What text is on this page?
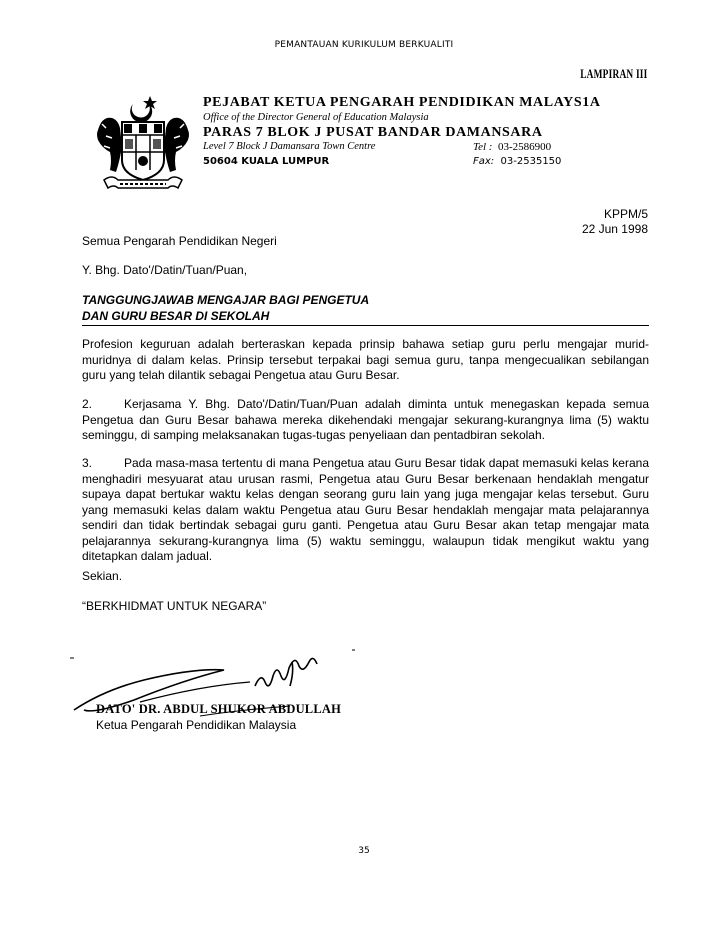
PEMANTAUAN KURIKULUM BERKUALITI
LAMPIRAN III
PEJABAT KETUA PENGARAH PENDIDIKAN MALAYS1A
Office of the Director General of Education Malaysia
PARAS 7 BLOK J PUSAT BANDAR DAMANSARA
Level 7 Block J Damansara Town Centre
50604 KUALA LUMPUR
Tel : 03-2586900
Fax: 03-2535150
KPPM/5
22 Jun 1998
Semua Pengarah Pendidikan Negeri
Y. Bhg. Dato'/Datin/Tuan/Puan,
TANGGUNGJAWAB MENGAJAR BAGI PENGETUA
DAN GURU BESAR DI SEKOLAH
Profesion keguruan adalah berteraskan kepada prinsip bahawa setiap guru perlu mengajar murid-muridnya di dalam kelas. Prinsip tersebut terpakai bagi semua guru, tanpa mengecualikan sebilangan guru yang telah dilantik sebagai Pengetua atau Guru Besar.
2.	Kerjasama Y. Bhg. Dato'/Datin/Tuan/Puan adalah diminta untuk menegaskan kepada semua Pengetua dan Guru Besar bahawa mereka dikehendaki mengajar sekurang-kurangnya lima (5) waktu seminggu, di samping melaksanakan tugas-tugas penyeliaan dan pentadbiran sekolah.
3.	Pada masa-masa tertentu di mana Pengetua atau Guru Besar tidak dapat memasuki kelas kerana menghadiri mesyuarat atau urusan rasmi, Pengetua atau Guru Besar berkenaan hendaklah mengatur supaya dapat bertukar waktu kelas dengan seorang guru lain yang juga mengajar kelas tersebut. Guru yang memasuki kelas dalam waktu Pengetua atau Guru Besar hendaklah mengajar mata pelajarannya sendiri dan tidak bertindak sebagai guru ganti. Pengetua atau Guru Besar akan tetap mengajar mata pelajarannya sekurang-kurangnya lima (5) waktu seminggu, walaupun tidak mengikut waktu yang ditetapkan dalam jadual.
Sekian.
“BERKHIDMAT UNTUK NEGARA”
DATO' DR. ABDUL SHUKOR ABDULLAH
Ketua Pengarah Pendidikan Malaysia
35
